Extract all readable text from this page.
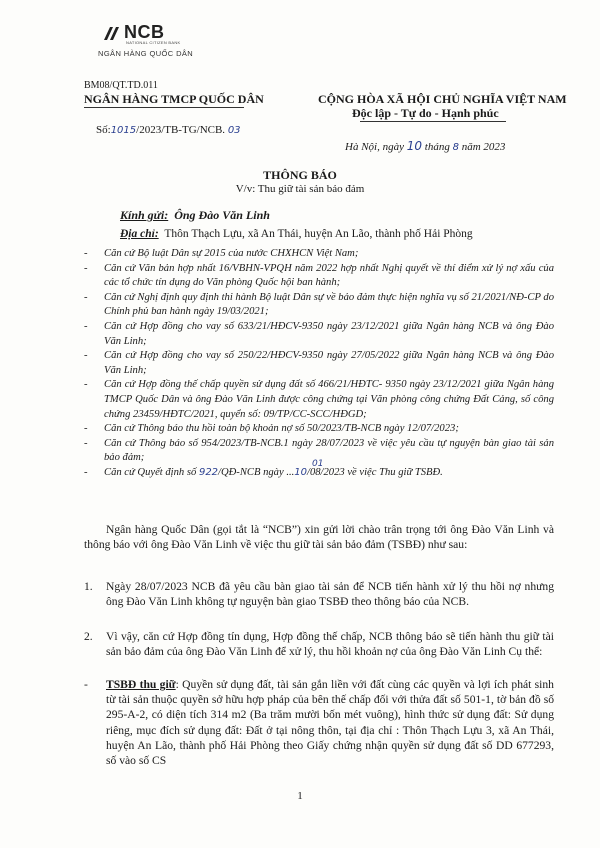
NCB
NATIONAL CITIZEN BANK
NGÂN HÀNG QUỐC DÂN
BM08/QT.TD.011
NGÂN HÀNG TMCP QUỐC DÂN	CỘNG HÒA XÃ HỘI CHỦ NGHĨA VIỆT NAM
Độc lập - Tự do - Hạnh phúc
Số:1015/2023/TB-TG/NCB. 03
Hà Nội, ngày 10 tháng 8 năm 2023
THÔNG BÁO
V/v: Thu giữ tài sản bảo đảm
Kính gửi: Ông Đào Văn Linh
Địa chỉ: Thôn Thạch Lựu, xã An Thái, huyện An Lão, thành phố Hải Phòng
- Căn cứ Bộ luật Dân sự 2015 của nước CHXHCN Việt Nam;
- Căn cứ Văn bản hợp nhất 16/VBHN-VPQH năm 2022 hợp nhất Nghị quyết về thí điểm xử lý nợ xấu của các tổ chức tín dụng do Văn phòng Quốc hội ban hành;
- Căn cứ Nghị định quy định thi hành Bộ luật Dân sự về bảo đảm thực hiện nghĩa vụ số 21/2021/NĐ-CP do Chính phủ ban hành ngày 19/03/2021;
- Căn cứ Hợp đồng cho vay số 633/21/HĐCV-9350 ngày 23/12/2021 giữa Ngân hàng NCB và ông Đào Văn Linh;
- Căn cứ Hợp đồng cho vay số 250/22/HĐCV-9350 ngày 27/05/2022 giữa Ngân hàng NCB và ông Đào Văn Linh;
- Căn cứ Hợp đồng thế chấp quyền sử dụng đất số 466/21/HĐTC- 9350 ngày 23/12/2021 giữa Ngân hàng TMCP Quốc Dân và ông Đào Văn Linh được công chứng tại Văn phòng công chứng Đất Cảng, số công chứng 23459/HĐTC/2021, quyển số: 09/TP/CC-SCC/HĐGD;
- Căn cứ Thông báo thu hồi toàn bộ khoản nợ số 50/2023/TB-NCB ngày 12/07/2023;
- Căn cứ Thông báo số 954/2023/TB-NCB.1 ngày 28/07/2023 về việc yêu cầu tự nguyện bàn giao tài sản bảo đảm;
- Căn cứ Quyết định số 922/QĐ-NCB ngày ...10/08/2023 về việc Thu giữ TSBĐ.
01
Ngân hàng Quốc Dân (gọi tắt là “NCB”) xin gửi lời chào trân trọng tới ông Đào Văn Linh và thông báo với ông Đào Văn Linh về việc thu giữ tài sản bảo đảm (TSBĐ) như sau:
1. Ngày 28/07/2023 NCB đã yêu cầu bàn giao tài sản để NCB tiến hành xử lý thu hồi nợ nhưng ông Đào Văn Linh không tự nguyện bàn giao TSBĐ theo thông báo của NCB.
2. Vì vậy, căn cứ Hợp đồng tín dụng, Hợp đồng thế chấp, NCB thông báo sẽ tiến hành thu giữ tài sản bảo đảm của ông Đào Văn Linh để xử lý, thu hồi khoản nợ của ông Đào Văn Linh Cụ thể:
- TSBĐ thu giữ: Quyền sử dụng đất, tài sản gắn liền với đất cùng các quyền và lợi ích phát sinh từ tài sản thuộc quyền sở hữu hợp pháp của bên thế chấp đối với thửa đất số 501-1, tờ bản đồ số 295-A-2, có diện tích 314 m2 (Ba trăm mười bốn mét vuông), hình thức sử dụng đất: Sử dụng riêng, mục đích sử dụng đất: Đất ở tại nông thôn, tại địa chỉ : Thôn Thạch Lựu 3, xã An Thái, huyện An Lão, thành phố Hải Phòng theo Giấy chứng nhận quyền sử dụng đất số DD 677293, số vào số CS
1
